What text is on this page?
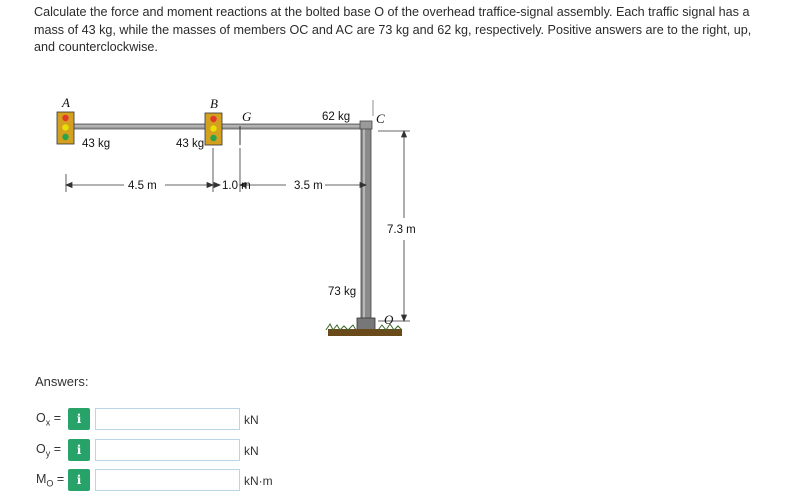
Calculate the force and moment reactions at the bolted base O of the overhead traffice-signal assembly. Each traffic signal has a mass of 43 kg, while the masses of members OC and AC are 73 kg and 62 kg, respectively. Positive answers are to the right, up, and counterclockwise.
A	B
G	C
O
43 kg	43 kg
62 kg
73 kg
4.5 m	1.0 m	3.5 m
7.3 m
Answers:
$O_x$ =	i	kN
$O_y$ =	i	kN
$M_O$ =	i	kN·m
